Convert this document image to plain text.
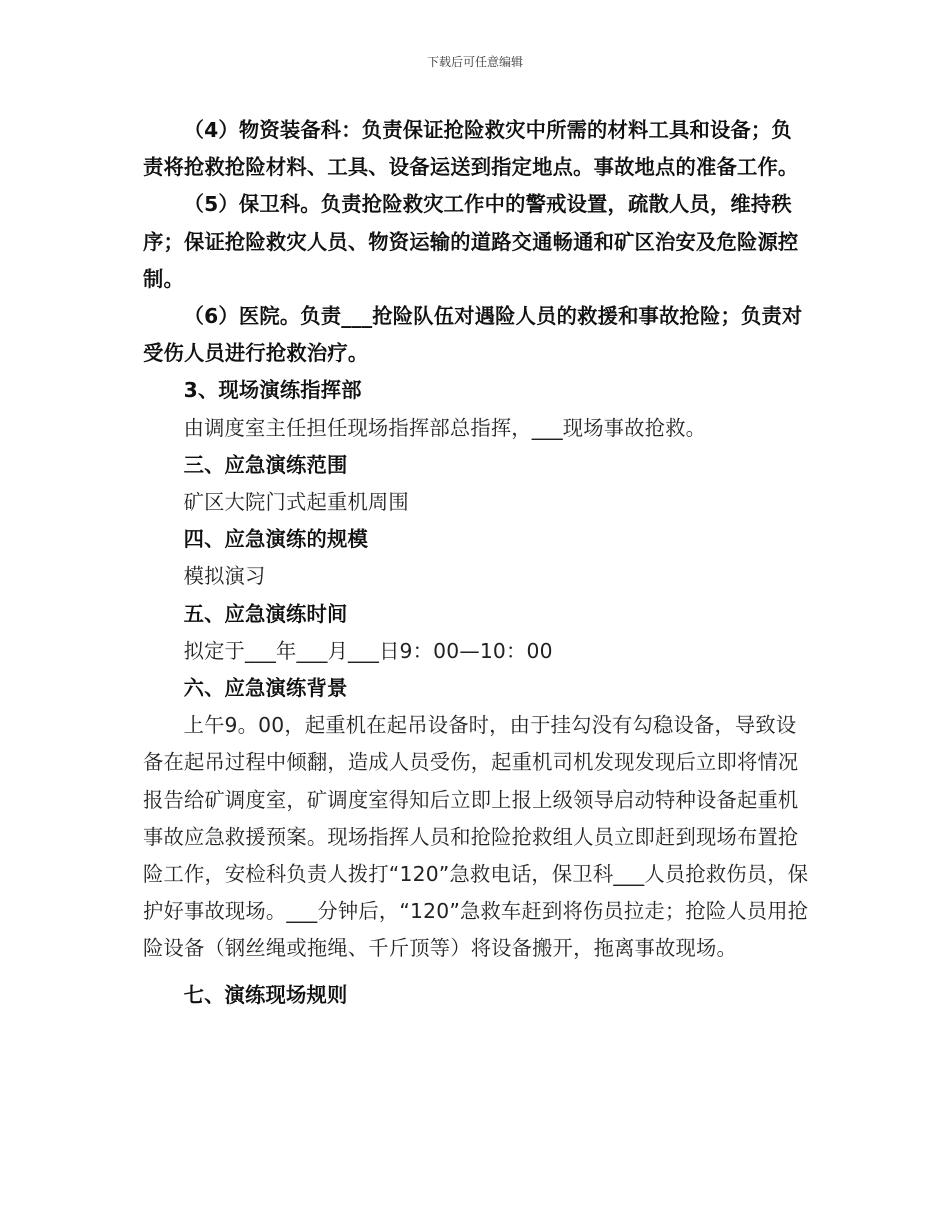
下载后可任意编辑

（4）物资装备科：负责保证抢险救灾中所需的材料工具和设备；负责将抢救抢险材料、工具、设备运送到指定地点。事故地点的准备工作。

（5）保卫科。负责抢险救灾工作中的警戒设置，疏散人员，维持秩序；保证抢险救灾人员、物资运输的道路交通畅通和矿区治安及危险源控制。

（6）医院。负责___抢险队伍对遇险人员的救援和事故抢险；负责对受伤人员进行抢救治疗。

3、现场演练指挥部

由调度室主任担任现场指挥部总指挥，___现场事故抢救。

三、应急演练范围

矿区大院门式起重机周围

四、应急演练的规模

模拟演习

五、应急演练时间

拟定于___年___月___日9：00—10：00

六、应急演练背景

上午9。00，起重机在起吊设备时，由于挂勾没有勾稳设备，导致设备在起吊过程中倾翻，造成人员受伤，起重机司机发现发现后立即将情况报告给矿调度室，矿调度室得知后立即上报上级领导启动特种设备起重机事故应急救援预案。现场指挥人员和抢险抢救组人员立即赶到现场布置抢险工作，安检科负责人拨打“120”急救电话，保卫科___人员抢救伤员，保护好事故现场。___分钟后，“120”急救车赶到将伤员拉走；抢险人员用抢险设备（钢丝绳或拖绳、千斤顶等）将设备搬开，拖离事故现场。

七、演练现场规则
